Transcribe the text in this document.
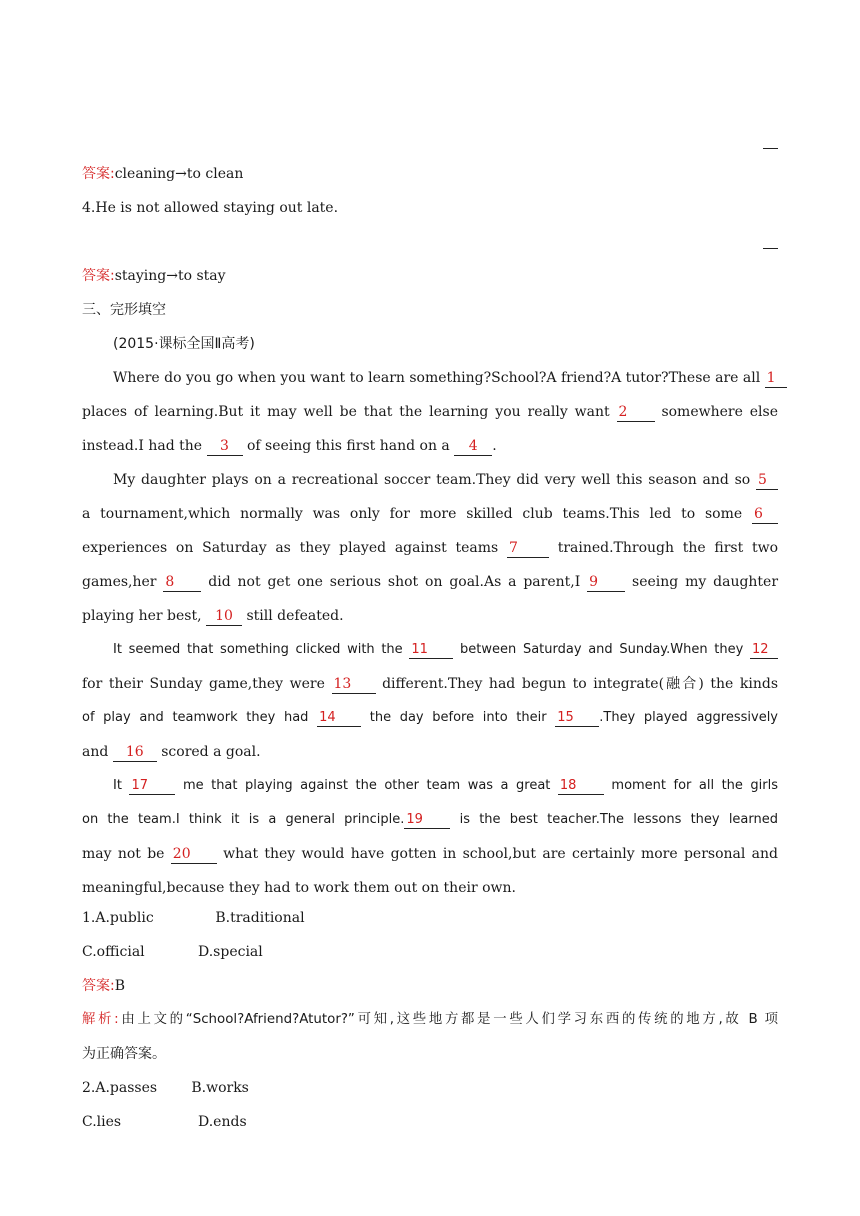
答案:cleaning→to clean
4.He is not allowed staying out late.
答案:staying→to stay
三、完形填空
(2015·课标全国Ⅱ高考)
Where do you go when you want to learn something?School?A friend?A tutor?These are all 1
places of learning.But it may well be that the learning you really want 2 somewhere else
instead.I had the 3 of seeing this first hand on a 4 .
My daughter plays on a recreational soccer team.They did very well this season and so 5
a tournament,which normally was only for more skilled club teams.This led to some 6
experiences on Saturday as they played against teams 7	trained.Through the first two
games,her 8 did not get one serious shot on goal.As a parent,I 9 seeing my daughter
playing her best, 10 still defeated.
It seemed that something clicked with the 11 between Saturday and Sunday.When they 12
for their Sunday game,they were 13 different.They had begun to integrate(融合) the kinds
of play and teamwork they had 14	the day before into their 15 .They played aggressively
and 16 scored a goal.
It 17	me that playing against the other team was a great 18	moment for all the girls
on the team.I think it is a general principle. 19	is the best teacher.The lessons they learned
may not be 20 what they would have gotten in school,but are certainly more personal and
meaningful,because they had to work them out on their own.
1.A.public	B.traditional
C.official	D.special
答案:B
解析:由上文的“School?Afriend?Atutor?”可知,这些地方都是一些人们学习东西的传统的地方,故 B 项
为正确答案。
2.A.passes B.works
C.lies	D.ends
